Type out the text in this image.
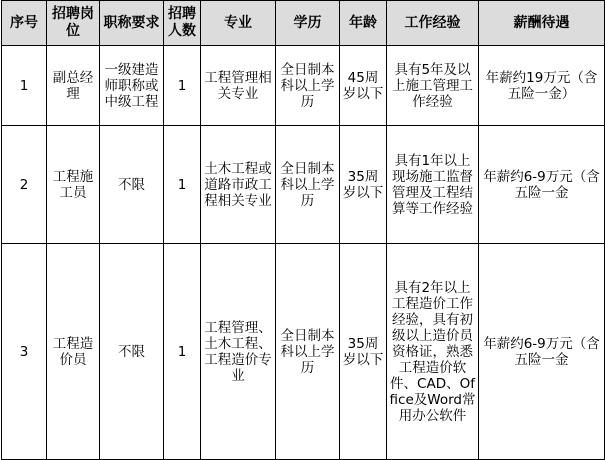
序号	招聘岗位	职称要求	招聘人数	专业	学历	年龄	工作经验	薪酬待遇
1	副总经理	一级建造师职称或中级工程	1	工程管理相关专业	全日制本科以上学历	45周岁以下	具有5年及以上施工管理工作经验	年薪约19万元（含五险一金）
2	工程施工员	不限	1	土木工程或道路市政工程相关专业	全日制本科以上学历	35周岁以下	具有1年以上现场施工监督管理及工程结算等工作经验	年薪约6-9万元（含五险一金
3	工程造价员	不限	1	工程管理、土木工程、工程造价专业	全日制本科以上学历	35周岁以下	具有2年以上工程造价工作经验，具有初级以上造价员资格证，熟悉工程造价软件、CAD、Office及Word常用办公软件	年薪约6-9万元（含五险一金
